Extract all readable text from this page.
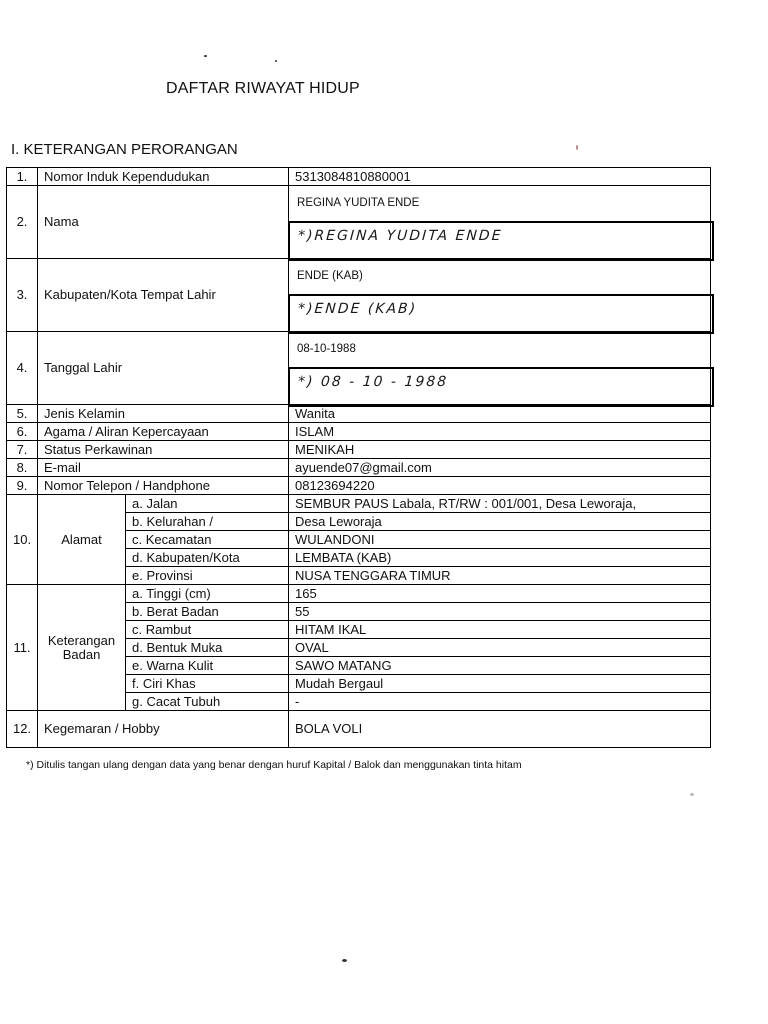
DAFTAR RIWAYAT HIDUP
I. KETERANGAN PERORANGAN
1.	Nomor Induk Kependudukan		5313084810880001
2.	Nama		REGINA YUDITA ENDE
*)REGINA YUDITA ENDE

3.	Kabupaten/Kota Tempat Lahir		ENDE (KAB)
*)ENDE (KAB)

4.	Tanggal Lahir		08-10-1988
*) 08 - 10 - 1988

5.	Jenis Kelamin		Wanita
6.	Agama / Aliran Kepercayaan		ISLAM
7.	Status Perkawinan		MENIKAH
8.	E-mail		ayuende07@gmail.com
9.	Nomor Telepon / Handphone		08123694220
10.	Alamat	a. Jalan	SEMBUR PAUS Labala, RT/RW : 001/001, Desa Leworaja,
		b. Kelurahan /	Desa Leworaja
		c. Kecamatan	WULANDONI
		d. Kabupaten/Kota	LEMBATA (KAB)
		e. Provinsi	NUSA TENGGARA TIMUR
11.	Keterangan
Badan	a. Tinggi (cm)	165
		b. Berat Badan	55
		c. Rambut	HITAM IKAL
		d. Bentuk Muka	OVAL
		e. Warna Kulit	SAWO MATANG
		f. Ciri Khas	Mudah Bergaul
		g. Cacat Tubuh	-
12.	Kegemaran / Hobby		BOLA VOLI
*) Ditulis tangan ulang dengan data yang benar dengan huruf Kapital / Balok dan menggunakan tinta hitam
